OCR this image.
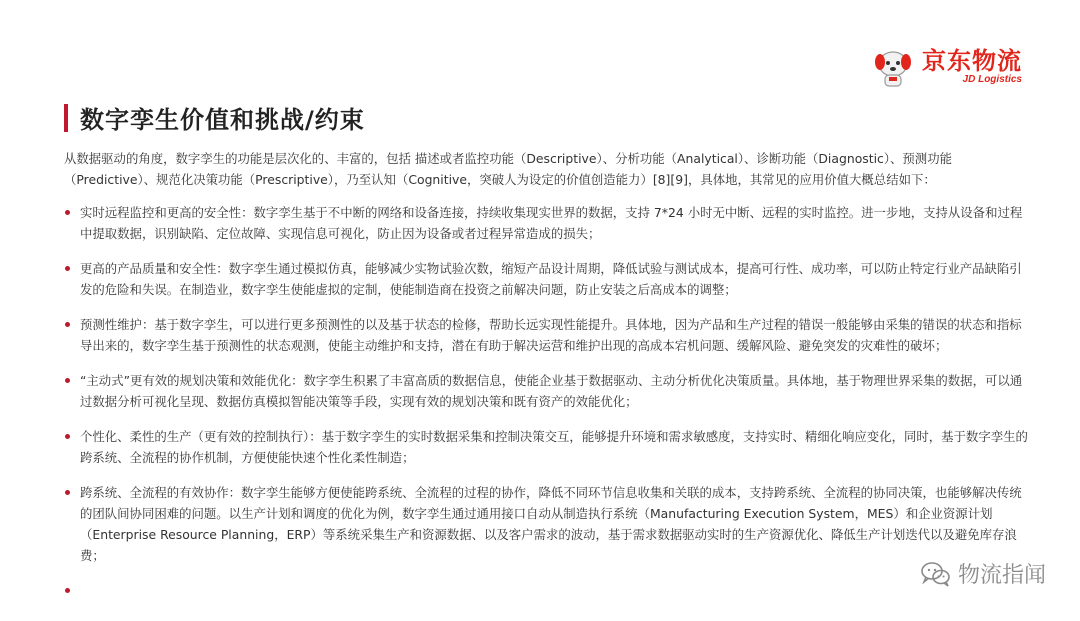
京东物流
JD Logistics
数字孪生价值和挑战/约束
从数据驱动的角度，数字孪生的功能是层次化的、丰富的，包括 描述或者监控功能（Descriptive）、分析功能（Analytical）、诊断功能（Diagnostic）、预测功能（Predictive）、规范化决策功能（Prescriptive），乃至认知（Cognitive，突破人为设定的价值创造能力）[8][9]，具体地，其常见的应用价值大概总结如下：
实时远程监控和更高的安全性：数字孪生基于不中断的网络和设备连接，持续收集现实世界的数据，支持 7*24 小时无中断、远程的实时监控。进一步地，支持从设备和过程中提取数据，识别缺陷、定位故障、实现信息可视化，防止因为设备或者过程异常造成的损失；
更高的产品质量和安全性：数字孪生通过模拟仿真，能够减少实物试验次数，缩短产品设计周期，降低试验与测试成本，提高可行性、成功率，可以防止特定行业产品缺陷引发的危险和失误。在制造业，数字孪生使能虚拟的定制，使能制造商在投资之前解决问题，防止安装之后高成本的调整；
预测性维护：基于数字孪生，可以进行更多预测性的以及基于状态的检修，帮助长远实现性能提升。具体地，因为产品和生产过程的错误一般能够由采集的错误的状态和指标导出来的，数字孪生基于预测性的状态观测，使能主动维护和支持，潜在有助于解决运营和维护出现的高成本宕机问题、缓解风险、避免突发的灾难性的破坏；
“主动式”更有效的规划决策和效能优化：数字孪生积累了丰富高质的数据信息，使能企业基于数据驱动、主动分析优化决策质量。具体地，基于物理世界采集的数据，可以通过数据分析可视化呈现、数据仿真模拟智能决策等手段，实现有效的规划决策和既有资产的效能优化；
个性化、柔性的生产（更有效的控制执行）：基于数字孪生的实时数据采集和控制决策交互，能够提升环境和需求敏感度，支持实时、精细化响应变化，同时，基于数字孪生的跨系统、全流程的协作机制，方便使能快速个性化柔性制造；
跨系统、全流程的有效协作：数字孪生能够方便使能跨系统、全流程的过程的协作，降低不同环节信息收集和关联的成本，支持跨系统、全流程的协同决策，也能够解决传统的团队间协同困难的问题。以生产计划和调度的优化为例，数字孪生通过通用接口自动从制造执行系统（Manufacturing Execution System，MES）和企业资源计划（Enterprise Resource Planning，ERP）等系统采集生产和资源数据、以及客户需求的波动，基于需求数据驱动实时的生产资源优化、降低生产计划迭代以及避免库存浪费；
物流指闻
